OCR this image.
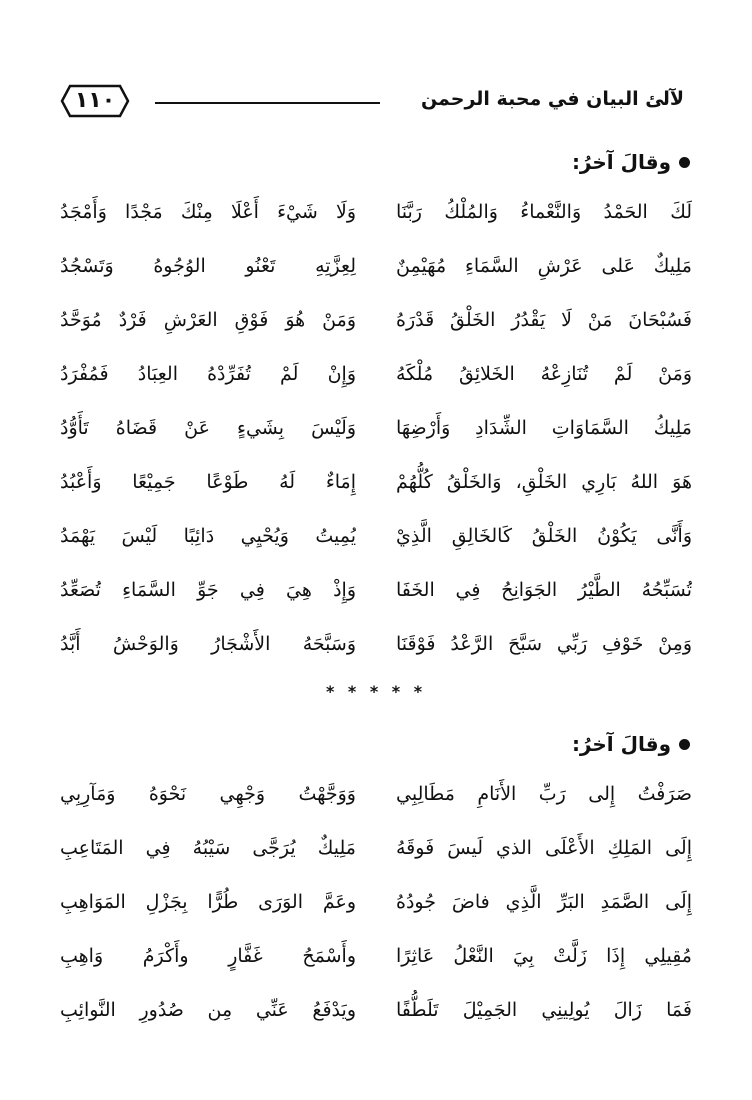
١١٠	لآلئ البيان في محبة الرحمن
وقالَ آخرُ:
لَكَ الحَمْدُ وَالنَّعْماءُ وَالمُلْكُ رَبَّنَا
وَلَا شَيْءَ أَعْلَا مِنْكَ مَجْدًا وَأَمْجَدُ
مَلِيكٌ عَلى عَرْشِ السَّمَاءِ مُهَيْمِنٌ
لِعِزَّتِهِ تَعْنُو الوُجُوهُ وَتَسْجُدُ
فَسُبْحَانَ مَنْ لَا يَقْدُرُ الخَلْقُ قَدْرَهُ
وَمَنْ هُوَ فَوْقِ العَرْشِ فَرْدٌ مُوَحَّدُ
وَمَنْ لَمْ تُنَازِعْهُ الخَلائِقُ مُلْكَهُ
وَإِنْ لَمْ تُفَرِّدْهُ العِبَادُ فَمُفْرَدُ
مَلِيكُ السَّمَاوَاتِ الشِّدَادِ وَأَرْضِهَا
وَلَيْسَ بِشَيءٍ عَنْ قَضَاهُ تَأَوُّدُ
هَوَ اللهُ بَارِي الخَلْقِ، وَالخَلْقُ كُلُّهُمْ
إِمَاءٌ لَهُ طَوْعًا جَمِيْعًا وَأَعْبُدُ
وَأَنَّى يَكُوْنُ الخَلْقُ كَالخَالِقِ الَّذِيْ
يُمِيتُ وَيُحْيِي دَائِبًا لَيْسَ يَهْمَدُ
تُسَبِّحُهُ الطَّيْرُ الجَوَانِحُ فِي الخَفَا
وَإِذْ هِيَ فِي جَوِّ السَّمَاءِ تُصَعِّدُ
وَمِنْ خَوْفِ رَبِّي سَبَّحَ الرَّعْدُ فَوْقَنَا
وَسَبَّحَهُ الأَشْجَارُ وَالوَحْشُ أَبَّدُ
* * * * *
وقالَ آخرُ:
صَرَفْتُ إِلى رَبِّ الأَنَامِ مَطَالِبِي
وَوَجَّهْتُ وَجْهِي نَحْوَهُ وَمَآرِبِي
إِلَى المَلِكِ الأَعْلَى الذي لَيسَ فَوقَهُ
مَلِيكٌ يُرَجَّى سَيْبُهُ فِي المَتَاعِبِ
إِلَى الصَّمَدِ البَرِّ الَّذِي فاضَ جُودُهُ
وعَمَّ الوَرَى طُرًّا بِجَزْلِ المَوَاهِبِ
مُقِيلِي إِذَا زَلَّتْ بِيَ النَّعْلُ عَاثِرًا
وأَسْمَحُ غَفَّارٍ وأَكْرَمُ وَاهِبِ
فَمَا زَالَ يُولِينِي الجَمِيْلَ تَلَطُّفًا
ويَدْفَعُ عَنِّي مِن صُدُورِ النَّوائِبِ
